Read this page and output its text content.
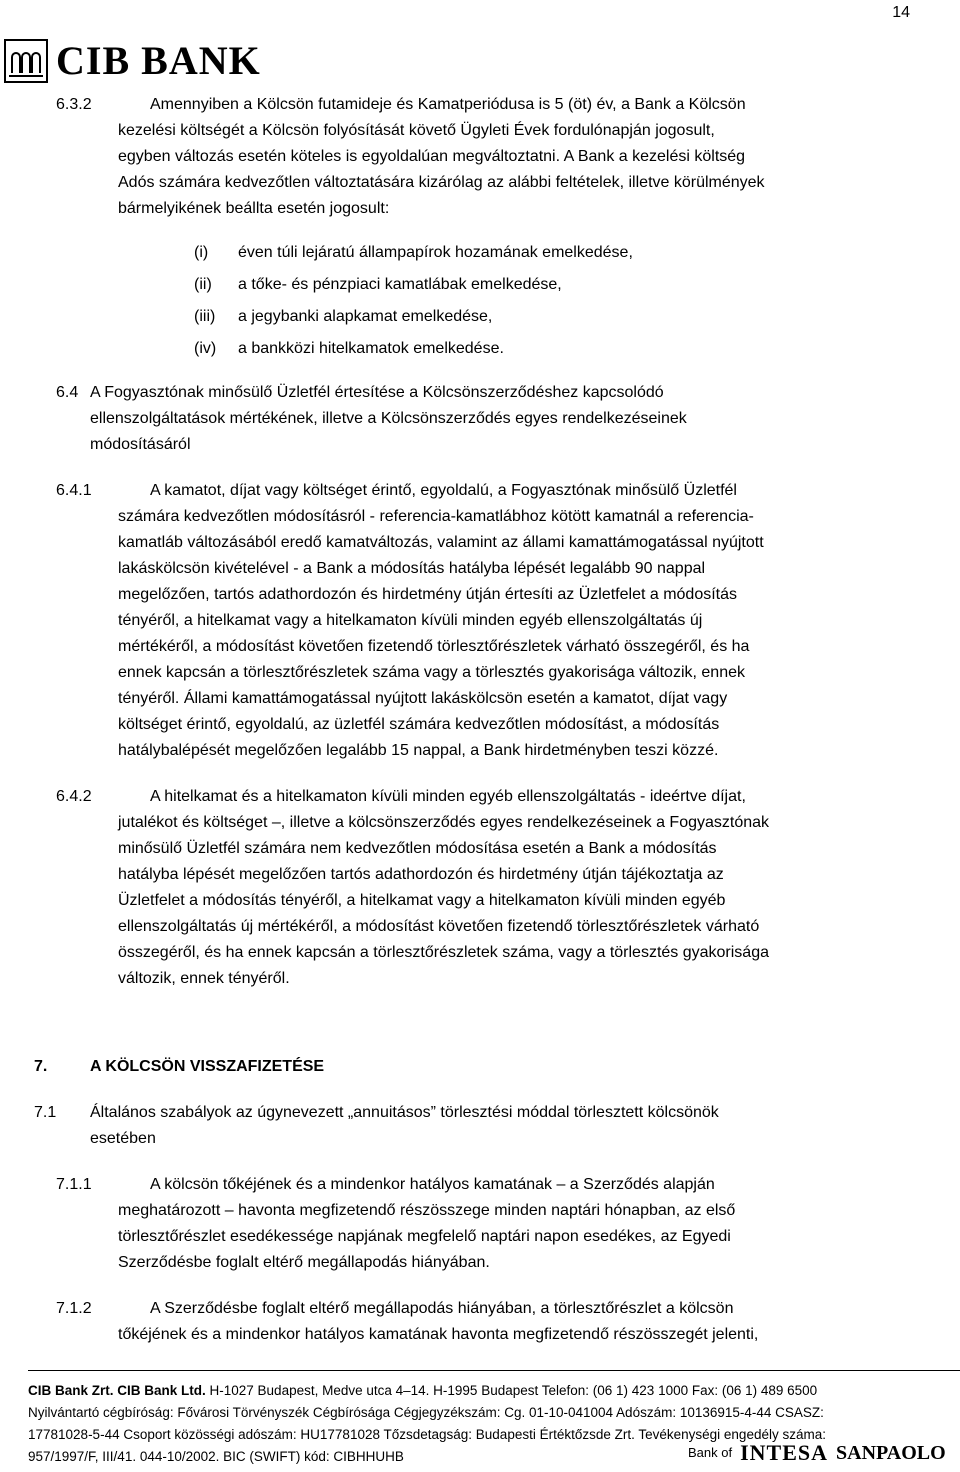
14
CIB BANK
6.3.2	Amennyiben a Kölcsön futamideje és Kamatperiódusa is 5 (öt) év, a Bank a Kölcsön
kezelési költségét a Kölcsön folyósítását követő Ügyleti Évek fordulónapján jogosult,
egyben változás esetén köteles is egyoldalúan megváltoztatni. A Bank a kezelési költség
Adós számára kedvezőtlen változtatására kizárólag az alábbi feltételek, illetve körülmények
bármelyikének beállta esetén jogosult:
(i) éven túli lejáratú állampapírok hozamának emelkedése,
(ii) a tőke- és pénzpiaci kamatlábak emelkedése,
(iii) a jegybanki alapkamat emelkedése,
(iv) a bankközi hitelkamatok emelkedése.
6.4 A Fogyasztónak minősülő Üzletfél értesítése a Kölcsönszerződéshez kapcsolódó
ellenszolgáltatások mértékének, illetve a Kölcsönszerződés egyes rendelkezéseinek
módosításáról
6.4.1	A kamatot, díjat vagy költséget érintő, egyoldalú, a Fogyasztónak minősülő Üzletfél
számára kedvezőtlen módosításról - referencia-kamatlábhoz kötött kamatnál a referencia-
kamatláb változásából eredő kamatváltozás, valamint az állami kamattámogatással nyújtott
lakáskölcsön kivételével - a Bank a módosítás hatályba lépését legalább 90 nappal
megelőzően, tartós adathordozón és hirdetmény útján értesíti az Üzletfelet a módosítás
tényéről, a hitelkamat vagy a hitelkamaton kívüli minden egyéb ellenszolgáltatás új
mértékéről, a módosítást követően fizetendő törlesztőrészletek várható összegéről, és ha
ennek kapcsán a törlesztőrészletek száma vagy a törlesztés gyakorisága változik, ennek
tényéről. Állami kamattámogatással nyújtott lakáskölcsön esetén a kamatot, díjat vagy
költséget érintő, egyoldalú, az üzletfél számára kedvezőtlen módosítást, a módosítás
hatálybalépését megelőzően legalább 15 nappal, a Bank hirdetményben teszi közzé.
6.4.2	A hitelkamat és a hitelkamaton kívüli minden egyéb ellenszolgáltatás - ideértve díjat,
jutalékot és költséget –, illetve a kölcsönszerződés egyes rendelkezéseinek a Fogyasztónak
minősülő Üzletfél számára nem kedvezőtlen módosítása esetén a Bank a módosítás
hatályba lépését megelőzően tartós adathordozón és hirdetmény útján tájékoztatja az
Üzletfelet a módosítás tényéről, a hitelkamat vagy a hitelkamaton kívüli minden egyéb
ellenszolgáltatás új mértékéről, a módosítást követően fizetendő törlesztőrészletek várható
összegéről, és ha ennek kapcsán a törlesztőrészletek száma, vagy a törlesztés gyakorisága
változik, ennek tényéről.
7.	A KÖLCSÖN VISSZAFIZETÉSE
7.1 Általános szabályok az úgynevezett „annuitásos” törlesztési móddal törlesztett kölcsönök
esetében
7.1.1	A kölcsön tőkéjének és a mindenkor hatályos kamatának – a Szerződés alapján
meghatározott – havonta megfizetendő részösszege minden naptári hónapban, az első
törlesztőrészlet esedékessége napjának megfelelő naptári napon esedékes, az Egyedi
Szerződésbe foglalt eltérő megállapodás hiányában.
7.1.2	A Szerződésbe foglalt eltérő megállapodás hiányában, a törlesztőrészlet a kölcsön
tőkéjének és a mindenkor hatályos kamatának havonta megfizetendő részösszegét jelenti,
CIB Bank Zrt. CIB Bank Ltd. H-1027 Budapest, Medve utca 4–14. H-1995 Budapest Telefon: (06 1) 423 1000 Fax: (06 1) 489 6500
Nyilvántartó cégbíróság: Fővárosi Törvényszék Cégbírósága Cégjegyzékszám: Cg. 01-10-041004 Adószám: 10136915-4-44 CSASZ:
17781028-5-44 Csoport közösségi adószám: HU17781028 Tőzsdetagság: Budapesti Értéktőzsde Zrt. Tevékenységi engedély száma:
957/1997/F, III/41. 044-10/2002. BIC (SWIFT) kód: CIBHHUHB	Bank of INTESA SANPAOLO
